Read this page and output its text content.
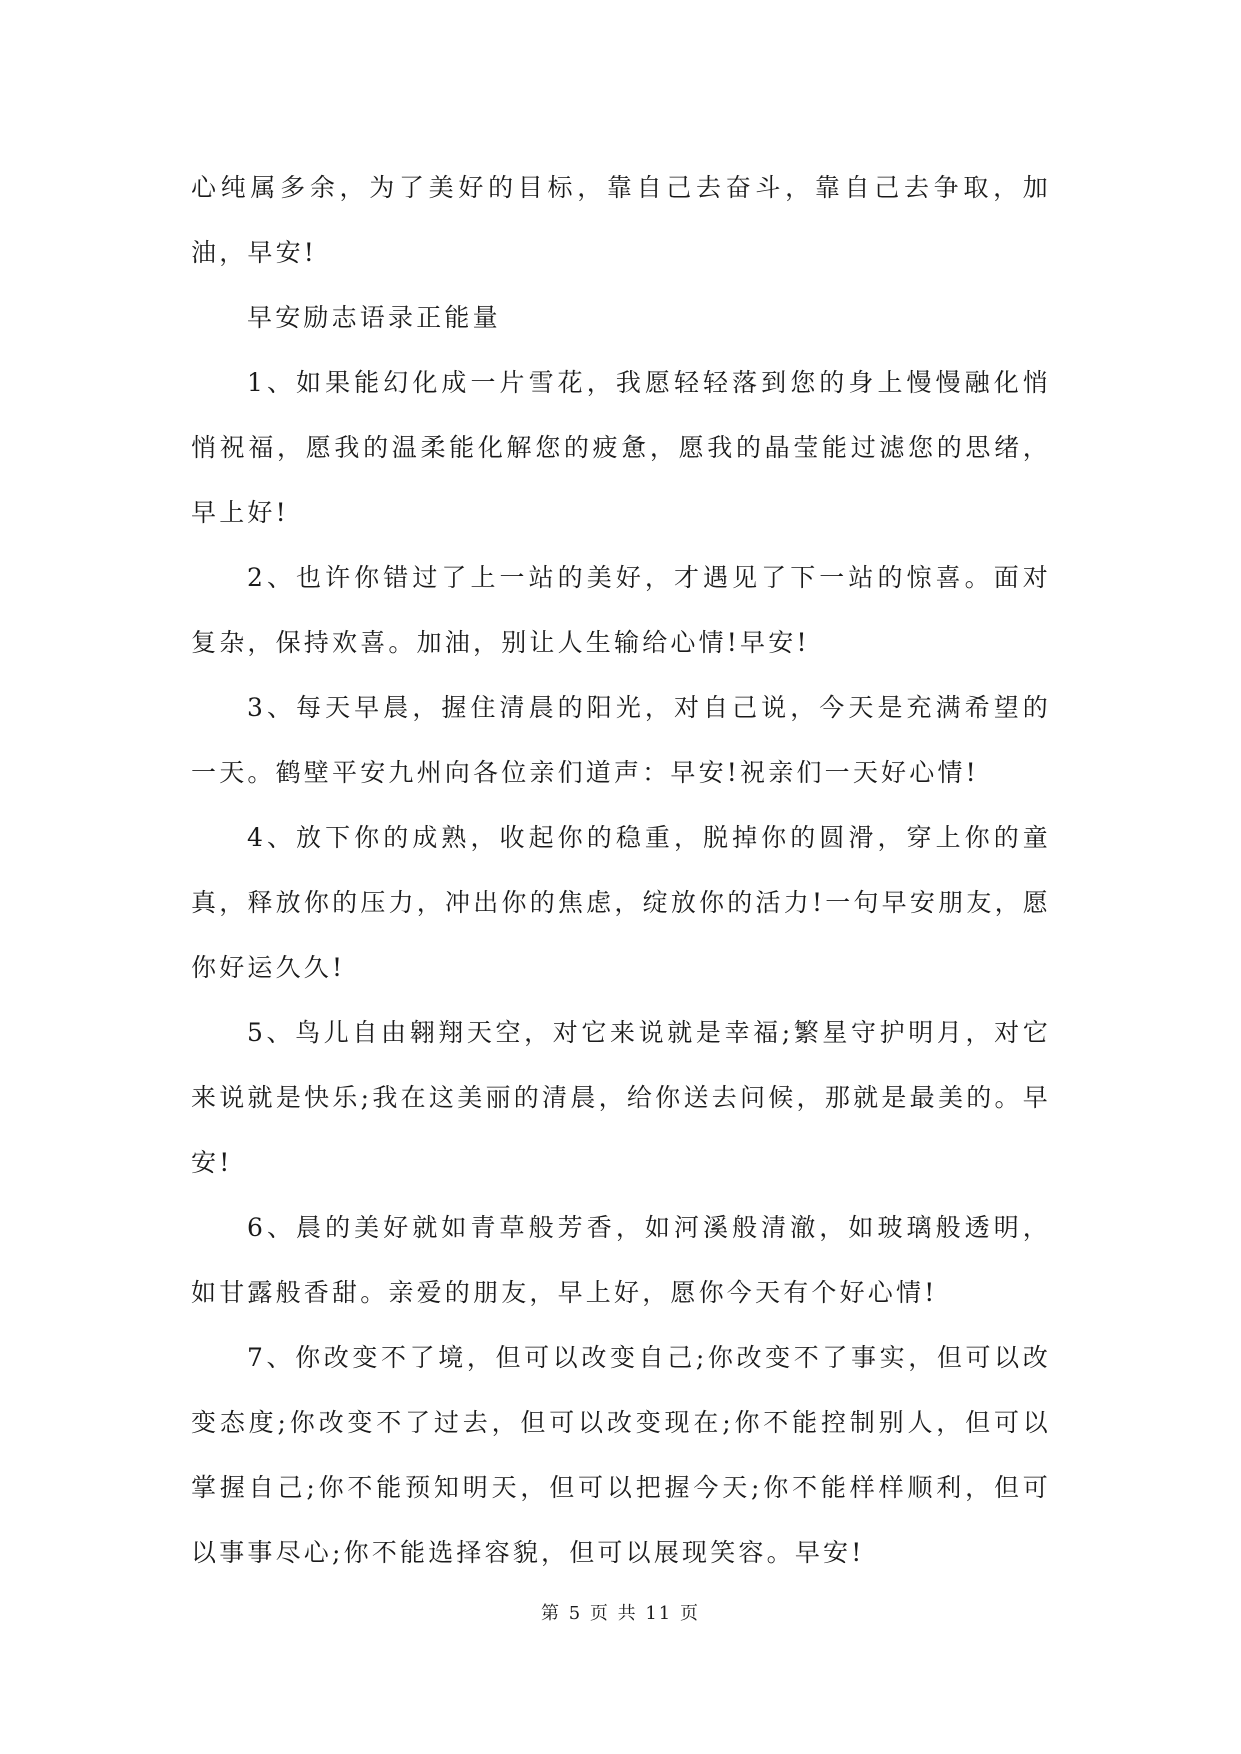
心纯属多余，为了美好的目标，靠自己去奋斗，靠自己去争取，加油，早安!

早安励志语录正能量

1、如果能幻化成一片雪花，我愿轻轻落到您的身上慢慢融化悄悄祝福，愿我的温柔能化解您的疲惫，愿我的晶莹能过滤您的思绪，早上好!

2、也许你错过了上一站的美好，才遇见了下一站的惊喜。面对复杂，保持欢喜。加油，别让人生输给心情!早安!

3、每天早晨，握住清晨的阳光，对自己说，今天是充满希望的一天。鹤壁平安九州向各位亲们道声：早安!祝亲们一天好心情!

4、放下你的成熟，收起你的稳重，脱掉你的圆滑，穿上你的童真，释放你的压力，冲出你的焦虑，绽放你的活力!一句早安朋友，愿你好运久久!

5、鸟儿自由翱翔天空，对它来说就是幸福;繁星守护明月，对它来说就是快乐;我在这美丽的清晨，给你送去问候，那就是最美的。早安!

6、晨的美好就如青草般芳香，如河溪般清澈，如玻璃般透明，如甘露般香甜。亲爱的朋友，早上好，愿你今天有个好心情!

7、你改变不了境，但可以改变自己;你改变不了事实，但可以改变态度;你改变不了过去，但可以改变现在;你不能控制别人，但可以掌握自己;你不能预知明天，但可以把握今天;你不能样样顺利，但可以事事尽心;你不能选择容貌，但可以展现笑容。早安!

第 5 页 共 11 页
